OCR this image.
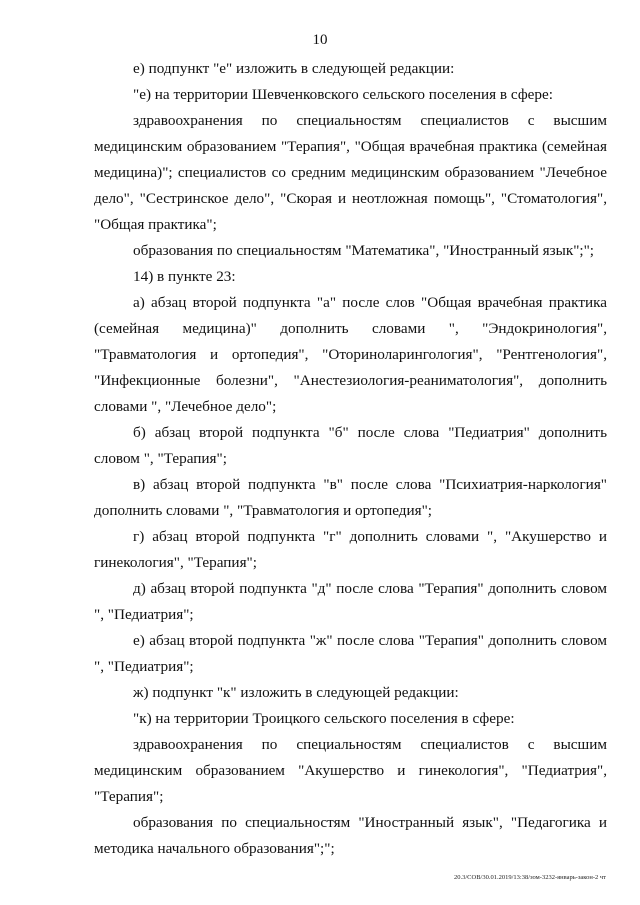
10

е) подпункт "е" изложить в следующей редакции:

"е) на территории Шевченковского сельского поселения в сфере:

здравоохранения по специальностям специалистов с высшим медицинским образованием "Терапия", "Общая врачебная практика (семейная медицина)"; специалистов со средним медицинским образованием "Лечебное дело", "Сестринское дело", "Скорая и неотложная помощь", "Стоматология", "Общая практика";

образования по специальностям "Математика", "Иностранный язык";";

14) в пункте 23:

а) абзац второй подпункта "а" после слов "Общая врачебная практика (семейная медицина)" дополнить словами ", "Эндокринология", "Травматология и ортопедия", "Оториноларингология", "Рентгенология", "Инфекционные болезни", "Анестезиология-реаниматология", дополнить словами ", "Лечебное дело";

б) абзац второй подпункта "б" после слова "Педиатрия" дополнить словом ", "Терапия";

в) абзац второй подпункта "в" после слова "Психиатрия-наркология" дополнить словами ", "Травматология и ортопедия";

г) абзац второй подпункта "г" дополнить словами ", "Акушерство и гинекология", "Терапия";

д) абзац второй подпункта "д" после слова "Терапия" дополнить словом ", "Педиатрия";

е) абзац второй подпункта "ж" после слова "Терапия" дополнить словом ", "Педиатрия";

ж) подпункт "к" изложить в следующей редакции:

"к) на территории Троицкого сельского поселения в сфере:

здравоохранения по специальностям специалистов с высшим медицинским образованием "Акушерство и гинекология", "Педиатрия", "Терапия";

образования по специальностям "Иностранный язык", "Педагогика и методика начального образования";";

20.3/СОВ/30.01.2019/13:38/зом-3232-январь-закон-2 чт
